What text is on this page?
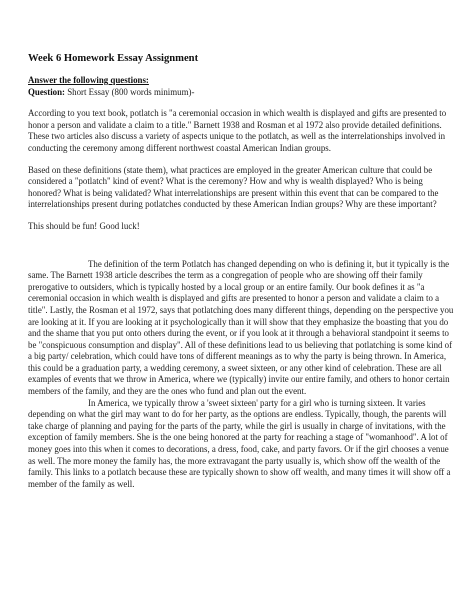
Week 6 Homework Essay Assignment
Answer the following questions:
Question: Short Essay (800 words minimum)-

According to you text book, potlatch is "a ceremonial occasion in which wealth is displayed and gifts are presented to honor a person and validate a claim to a title." Barnett 1938 and Rosman et al 1972 also provide detailed definitions. These two articles also discuss a variety of aspects unique to the potlatch, as well as the interrelationships involved in conducting the ceremony among different northwest coastal American Indian groups.

Based on these definitions (state them), what practices are employed in the greater American culture that could be considered a "potlatch" kind of event? What is the ceremony? How and why is wealth displayed? Who is being honored? What is being validated? What interrelationships are present within this event that can be compared to the interrelationships present during potlatches conducted by these American Indian groups? Why are these important?

This should be fun! Good luck!

The definition of the term Potlatch has changed depending on who is defining it, but it typically is the same. The Barnett 1938 article describes the term as a congregation of people who are showing off their family prerogative to outsiders, which is typically hosted by a local group or an entire family. Our book defines it as "a ceremonial occasion in which wealth is displayed and gifts are presented to honor a person and validate a claim to a title". Lastly, the Rosman et al 1972, says that potlatching does many different things, depending on the perspective you are looking at it. If you are looking at it psychologically than it will show that they emphasize the boasting that you do and the shame that you put onto others during the event, or if you look at it through a behavioral standpoint it seems to be "conspicuous consumption and display". All of these definitions lead to us believing that potlatching is some kind of a big party/ celebration, which could have tons of different meanings as to why the party is being thrown. In America, this could be a graduation party, a wedding ceremony, a sweet sixteen, or any other kind of celebration. These are all examples of events that we throw in America, where we (typically) invite our entire family, and others to honor certain members of the family, and they are the ones who fund and plan out the event.

In America, we typically throw a 'sweet sixteen' party for a girl who is turning sixteen. It varies depending on what the girl may want to do for her party, as the options are endless. Typically, though, the parents will take charge of planning and paying for the parts of the party, while the girl is usually in charge of invitations, with the exception of family members. She is the one being honored at the party for reaching a stage of "womanhood". A lot of money goes into this when it comes to decorations, a dress, food, cake, and party favors. Or if the girl chooses a venue as well. The more money the family has, the more extravagant the party usually is, which show off the wealth of the family. This links to a potlatch because these are typically shown to show off wealth, and many times it will show off a member of the family as well.
